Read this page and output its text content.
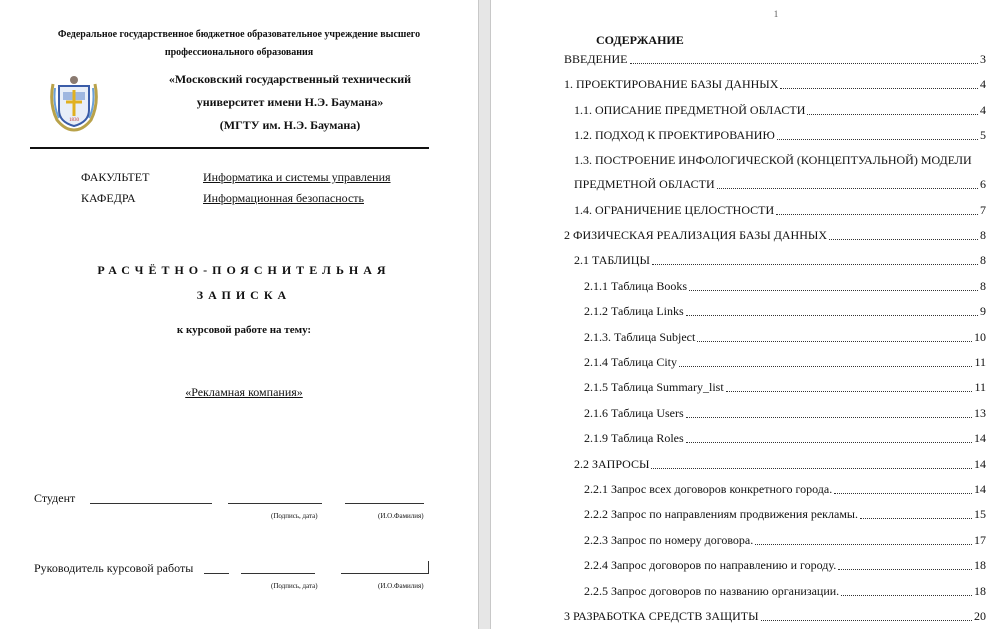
Федеральное государственное бюджетное образовательное учреждение высшего
профессионального образования
1830
«Московский государственный технический
университет имени Н.Э. Баумана»
(МГТУ им. Н.Э. Баумана)
ФАКУЛЬТЕТ	Информатика и системы управления
КАФЕДРА	Информационная безопасность
РАСЧЁТНО-ПОЯСНИТЕЛЬНАЯ
ЗАПИСКА
к курсовой работе на тему:
«Рекламная компания»
Студент
(Подпись, дата)	(И.О.Фамилия)
Руководитель курсовой работы
(Подпись, дата)	(И.О.Фамилия)
1
СОДЕРЖАНИЕ
ВВЕДЕНИЕ	3
1. ПРОЕКТИРОВАНИЕ БАЗЫ ДАННЫХ	4
1.1. ОПИСАНИЕ ПРЕДМЕТНОЙ ОБЛАСТИ	4
1.2. ПОДХОД К ПРОЕКТИРОВАНИЮ	5
1.3. ПОСТРОЕНИЕ ИНФОЛОГИЧЕСКОЙ (КОНЦЕПТУАЛЬНОЙ) МОДЕЛИ
ПРЕДМЕТНОЙ ОБЛАСТИ	6
1.4. ОГРАНИЧЕНИЕ ЦЕЛОСТНОСТИ	7
2 ФИЗИЧЕСКАЯ РЕАЛИЗАЦИЯ БАЗЫ ДАННЫХ	8
2.1 ТАБЛИЦЫ	8
2.1.1 Таблица Books	8
2.1.2 Таблица Links	9
2.1.3. Таблица Subject	10
2.1.4 Таблица City	11
2.1.5 Таблица Summary_list	11
2.1.6 Таблица Users	13
2.1.9 Таблица Roles	14
2.2 ЗАПРОСЫ	14
2.2.1 Запрос всех договоров конкретного города.	14
2.2.2 Запрос по направлениям продвижения рекламы.	15
2.2.3 Запрос по номеру договора.	17
2.2.4 Запрос договоров по направлению и городу.	18
2.2.5 Запрос договоров по названию организации.	18
3 РАЗРАБОТКА СРЕДСТВ ЗАЩИТЫ	20
